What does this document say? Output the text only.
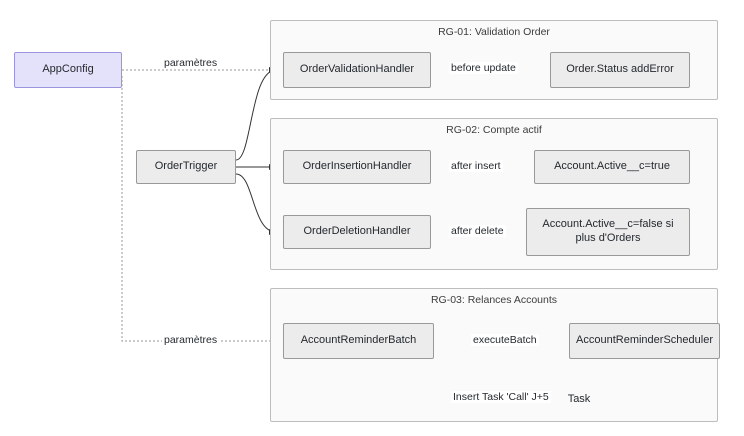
RG-01: Validation Order
RG-02: Compte actif
RG-03: Relances Accounts
AppConfig
OrderTrigger
OrderValidationHandler	Order.Status addError
OrderInsertionHandler	Account.Active__c=true
OrderDeletionHandler
Account.Active__c=false si plus d'Orders
AccountReminderBatch	AccountReminderScheduler
Task
paramètres	before update
after insert
after delete
paramètres	executeBatch
Insert Task 'Call' J+5
